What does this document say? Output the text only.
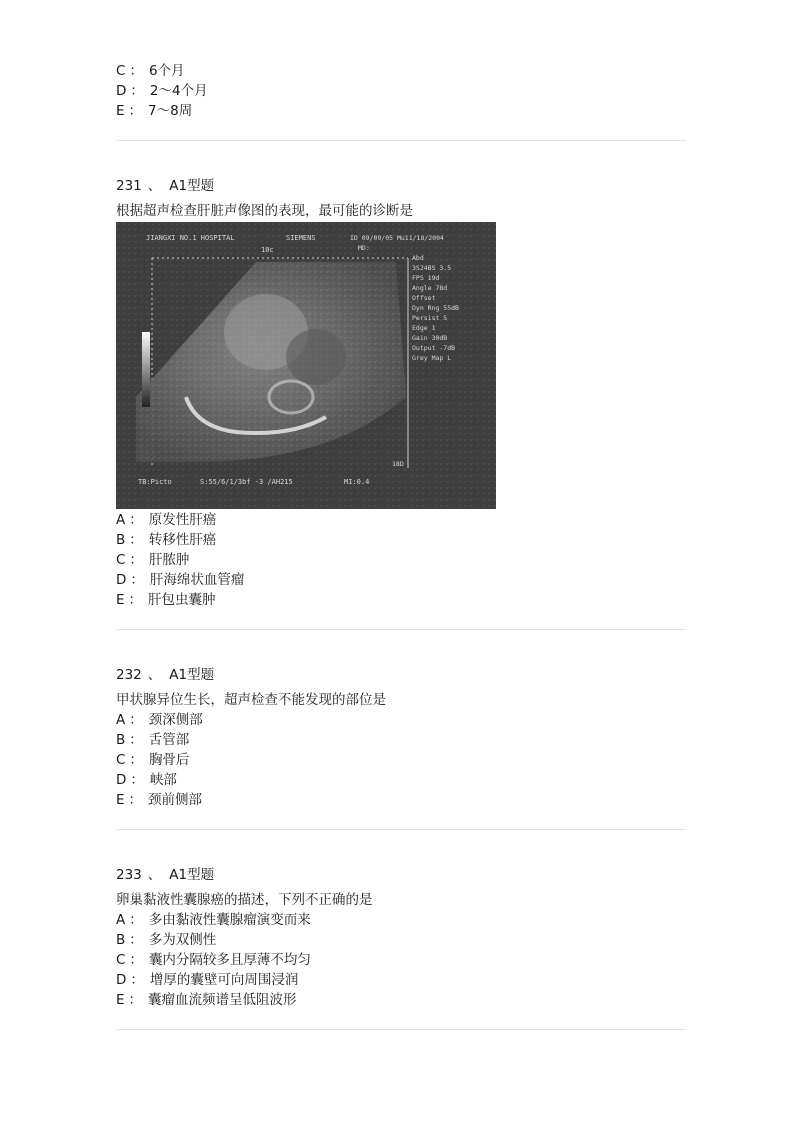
C ： 6个月
D ： 2～4个月
E ： 7～8周
231 、 A1型题
根据超声检查肝脏声像图的表现，最可能的诊断是
JIANGXI NO.1 HOSPITAL	SIEMENS	ID 09/09/05 Mu11/18/2004
MD:
10c
Abd
3S24BS 3.5
FPS 19d
Angle 78d
Offset
Dyn Rng 55dB
Persist 5
Edge 1
Gain 30dB
Output -7dB
Grey Map L
18D
TB:Picto	S:55/6/1/3bf -3 /AH215	MI:0.4
A ： 原发性肝癌
B ： 转移性肝癌
C ： 肝脓肿
D ： 肝海绵状血管瘤
E ： 肝包虫囊肿
232 、 A1型题
甲状腺异位生长，超声检查不能发现的部位是
A ： 颈深侧部
B ： 舌管部
C ： 胸骨后
D ： 峡部
E ： 颈前侧部
233 、 A1型题
卵巢黏液性囊腺癌的描述，下列不正确的是
A ： 多由黏液性囊腺瘤演变而来
B ： 多为双侧性
C ： 囊内分隔较多且厚薄不均匀
D ： 增厚的囊壁可向周围浸润
E ： 囊瘤血流频谱呈低阻波形
